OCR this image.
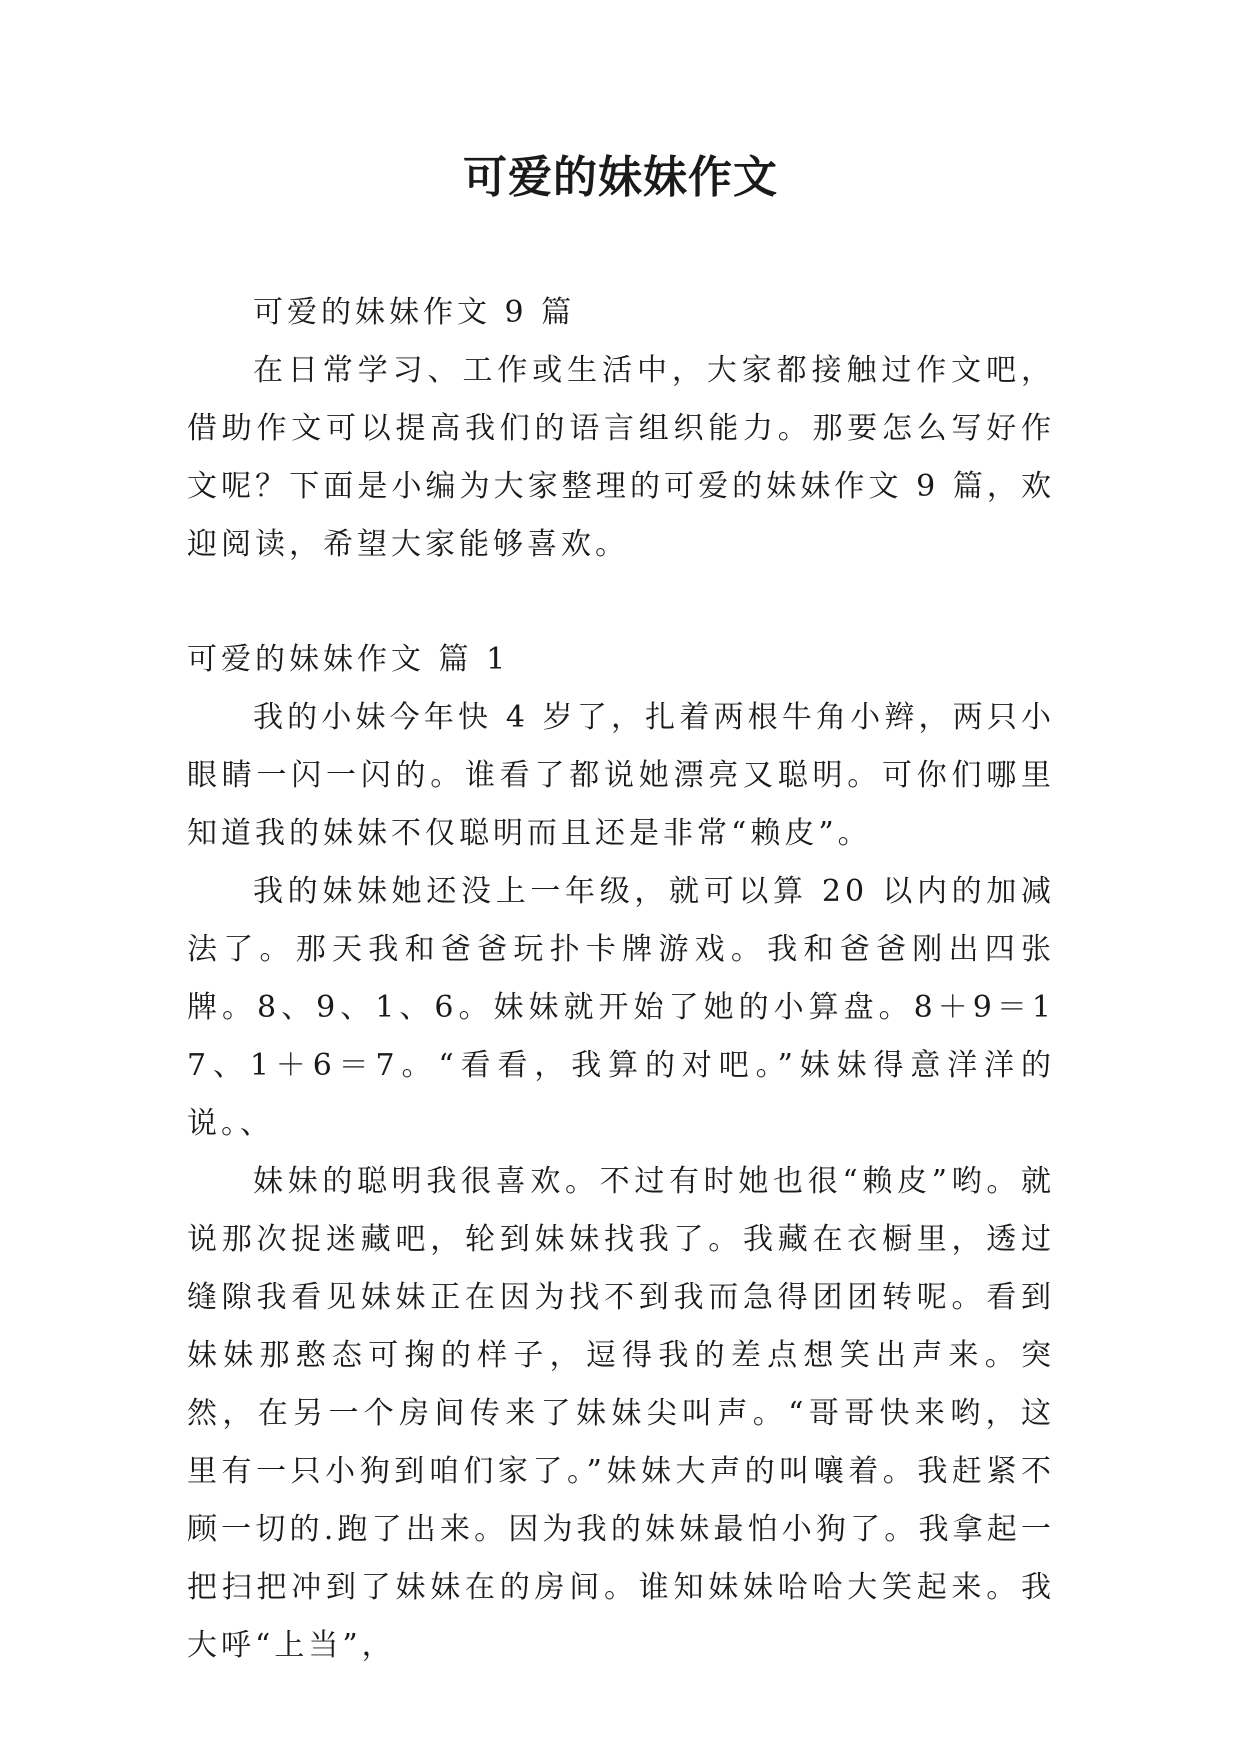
可爱的妹妹作文

可爱的妹妹作文 9 篇

在日常学习、工作或生活中，大家都接触过作文吧，借助作文可以提高我们的语言组织能力。那要怎么写好作文呢？下面是小编为大家整理的可爱的妹妹作文 9 篇，欢迎阅读，希望大家能够喜欢。

可爱的妹妹作文 篇 1

我的小妹今年快 4 岁了，扎着两根牛角小辫，两只小眼睛一闪一闪的。谁看了都说她漂亮又聪明。可你们哪里知道我的妹妹不仅聪明而且还是非常“赖皮”。

我的妹妹她还没上一年级，就可以算 20 以内的加减法了。那天我和爸爸玩扑卡牌游戏。我和爸爸刚出四张牌。8、9、1、6。妹妹就开始了她的小算盘。8＋9＝17、1＋6＝7。“看看，我算的对吧。”妹妹得意洋洋的说。、

妹妹的聪明我很喜欢。不过有时她也很“赖皮”哟。就说那次捉迷藏吧，轮到妹妹找我了。我藏在衣橱里，透过缝隙我看见妹妹正在因为找不到我而急得团团转呢。看到妹妹那憨态可掬的样子，逗得我的差点想笑出声来。突然，在另一个房间传来了妹妹尖叫声。“哥哥快来哟，这里有一只小狗到咱们家了。”妹妹大声的叫嚷着。我赶紧不顾一切的.跑了出来。因为我的妹妹最怕小狗了。我拿起一把扫把冲到了妹妹在的房间。谁知妹妹哈哈大笑起来。我大呼“上当”，
